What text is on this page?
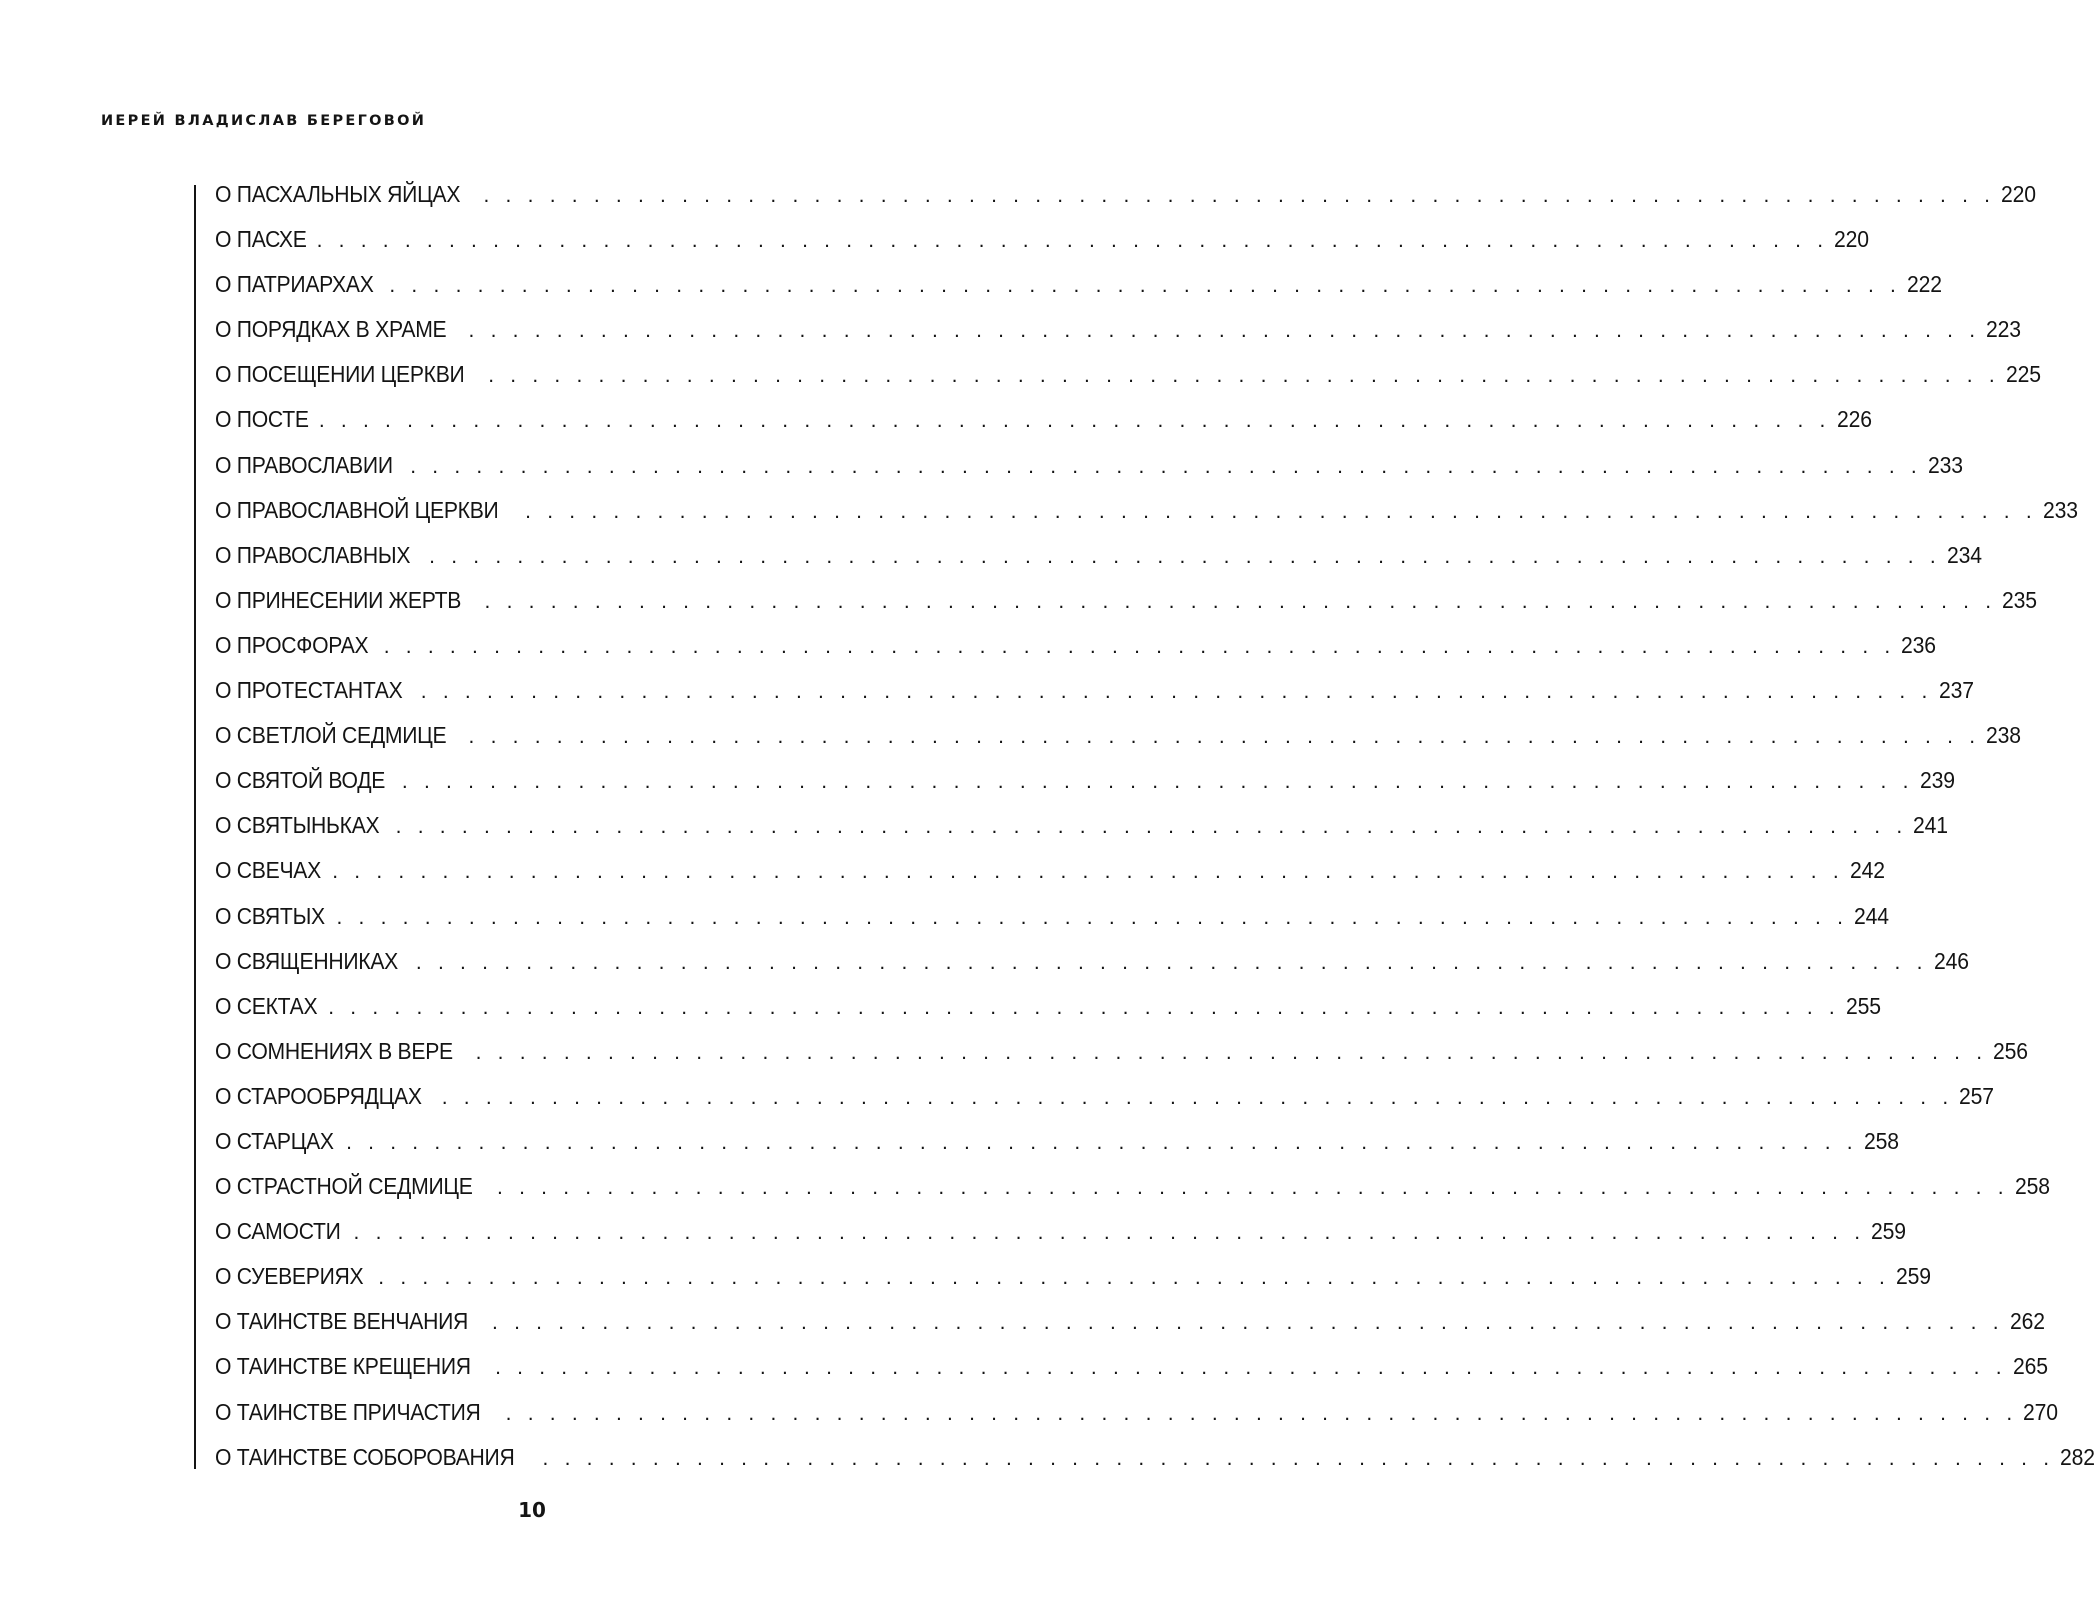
ИЕРЕЙ ВЛАДИСЛАВ БЕРЕГОВОЙ
О ПАСХАЛЬНЫХ ЯЙЦАХ . . . . . . . . . . . . . . . . . . . . . . . . . . . . . . . . . . . . . . . . . . . . . . . . . . . . . . . . . . . . . . . . . . . . . 220
О ПАСХЕ . . . . . . . . . . . . . . . . . . . . . . . . . . . . . . . . . . . . . . . . . . . . . . . . . . . . . . . . . . . . . . . . . . . . . 220
О ПАТРИАРХАХ . . . . . . . . . . . . . . . . . . . . . . . . . . . . . . . . . . . . . . . . . . . . . . . . . . . . . . . . . . . . . . . . . . . . . 222
О ПОРЯДКАХ В ХРАМЕ . . . . . . . . . . . . . . . . . . . . . . . . . . . . . . . . . . . . . . . . . . . . . . . . . . . . . . . . . . . . . . . . . . . . . 223
О ПОСЕЩЕНИИ ЦЕРКВИ . . . . . . . . . . . . . . . . . . . . . . . . . . . . . . . . . . . . . . . . . . . . . . . . . . . . . . . . . . . . . . . . . . . . . 225
О ПОСТЕ . . . . . . . . . . . . . . . . . . . . . . . . . . . . . . . . . . . . . . . . . . . . . . . . . . . . . . . . . . . . . . . . . . . . . 226
О ПРАВОСЛАВИИ . . . . . . . . . . . . . . . . . . . . . . . . . . . . . . . . . . . . . . . . . . . . . . . . . . . . . . . . . . . . . . . . . . . . . 233
О ПРАВОСЛАВНОЙ ЦЕРКВИ . . . . . . . . . . . . . . . . . . . . . . . . . . . . . . . . . . . . . . . . . . . . . . . . . . . . . . . . . . . . . . . . . . . . . 233
О ПРАВОСЛАВНЫХ . . . . . . . . . . . . . . . . . . . . . . . . . . . . . . . . . . . . . . . . . . . . . . . . . . . . . . . . . . . . . . . . . . . . . 234
О ПРИНЕСЕНИИ ЖЕРТВ . . . . . . . . . . . . . . . . . . . . . . . . . . . . . . . . . . . . . . . . . . . . . . . . . . . . . . . . . . . . . . . . . . . . . 235
О ПРОСФОРАХ . . . . . . . . . . . . . . . . . . . . . . . . . . . . . . . . . . . . . . . . . . . . . . . . . . . . . . . . . . . . . . . . . . . . . 236
О ПРОТЕСТАНТАХ . . . . . . . . . . . . . . . . . . . . . . . . . . . . . . . . . . . . . . . . . . . . . . . . . . . . . . . . . . . . . . . . . . . . . 237
О СВЕТЛОЙ СЕДМИЦЕ . . . . . . . . . . . . . . . . . . . . . . . . . . . . . . . . . . . . . . . . . . . . . . . . . . . . . . . . . . . . . . . . . . . . . 238
О СВЯТОЙ ВОДЕ . . . . . . . . . . . . . . . . . . . . . . . . . . . . . . . . . . . . . . . . . . . . . . . . . . . . . . . . . . . . . . . . . . . . . 239
О СВЯТЫНЬКАХ . . . . . . . . . . . . . . . . . . . . . . . . . . . . . . . . . . . . . . . . . . . . . . . . . . . . . . . . . . . . . . . . . . . . . 241
О СВЕЧАХ . . . . . . . . . . . . . . . . . . . . . . . . . . . . . . . . . . . . . . . . . . . . . . . . . . . . . . . . . . . . . . . . . . . . . 242
О СВЯТЫХ . . . . . . . . . . . . . . . . . . . . . . . . . . . . . . . . . . . . . . . . . . . . . . . . . . . . . . . . . . . . . . . . . . . . . 244
О СВЯЩЕННИКАХ . . . . . . . . . . . . . . . . . . . . . . . . . . . . . . . . . . . . . . . . . . . . . . . . . . . . . . . . . . . . . . . . . . . . . 246
О СЕКТАХ . . . . . . . . . . . . . . . . . . . . . . . . . . . . . . . . . . . . . . . . . . . . . . . . . . . . . . . . . . . . . . . . . . . . . 255
О СОМНЕНИЯХ В ВЕРЕ . . . . . . . . . . . . . . . . . . . . . . . . . . . . . . . . . . . . . . . . . . . . . . . . . . . . . . . . . . . . . . . . . . . . . 256
О СТАРООБРЯДЦАХ . . . . . . . . . . . . . . . . . . . . . . . . . . . . . . . . . . . . . . . . . . . . . . . . . . . . . . . . . . . . . . . . . . . . . 257
О СТАРЦАХ . . . . . . . . . . . . . . . . . . . . . . . . . . . . . . . . . . . . . . . . . . . . . . . . . . . . . . . . . . . . . . . . . . . . . 258
О СТРАСТНОЙ СЕДМИЦЕ . . . . . . . . . . . . . . . . . . . . . . . . . . . . . . . . . . . . . . . . . . . . . . . . . . . . . . . . . . . . . . . . . . . . . 258
О САМОСТИ . . . . . . . . . . . . . . . . . . . . . . . . . . . . . . . . . . . . . . . . . . . . . . . . . . . . . . . . . . . . . . . . . . . . . 259
О СУЕВЕРИЯХ . . . . . . . . . . . . . . . . . . . . . . . . . . . . . . . . . . . . . . . . . . . . . . . . . . . . . . . . . . . . . . . . . . . . . 259
О ТАИНСТВЕ ВЕНЧАНИЯ . . . . . . . . . . . . . . . . . . . . . . . . . . . . . . . . . . . . . . . . . . . . . . . . . . . . . . . . . . . . . . . . . . . . . 262
О ТАИНСТВЕ КРЕЩЕНИЯ . . . . . . . . . . . . . . . . . . . . . . . . . . . . . . . . . . . . . . . . . . . . . . . . . . . . . . . . . . . . . . . . . . . . . 265
О ТАИНСТВЕ ПРИЧАСТИЯ . . . . . . . . . . . . . . . . . . . . . . . . . . . . . . . . . . . . . . . . . . . . . . . . . . . . . . . . . . . . . . . . . . . . . 270
О ТАИНСТВЕ СОБОРОВАНИЯ . . . . . . . . . . . . . . . . . . . . . . . . . . . . . . . . . . . . . . . . . . . . . . . . . . . . . . . . . . . . . . . . . . . . . 282
10
